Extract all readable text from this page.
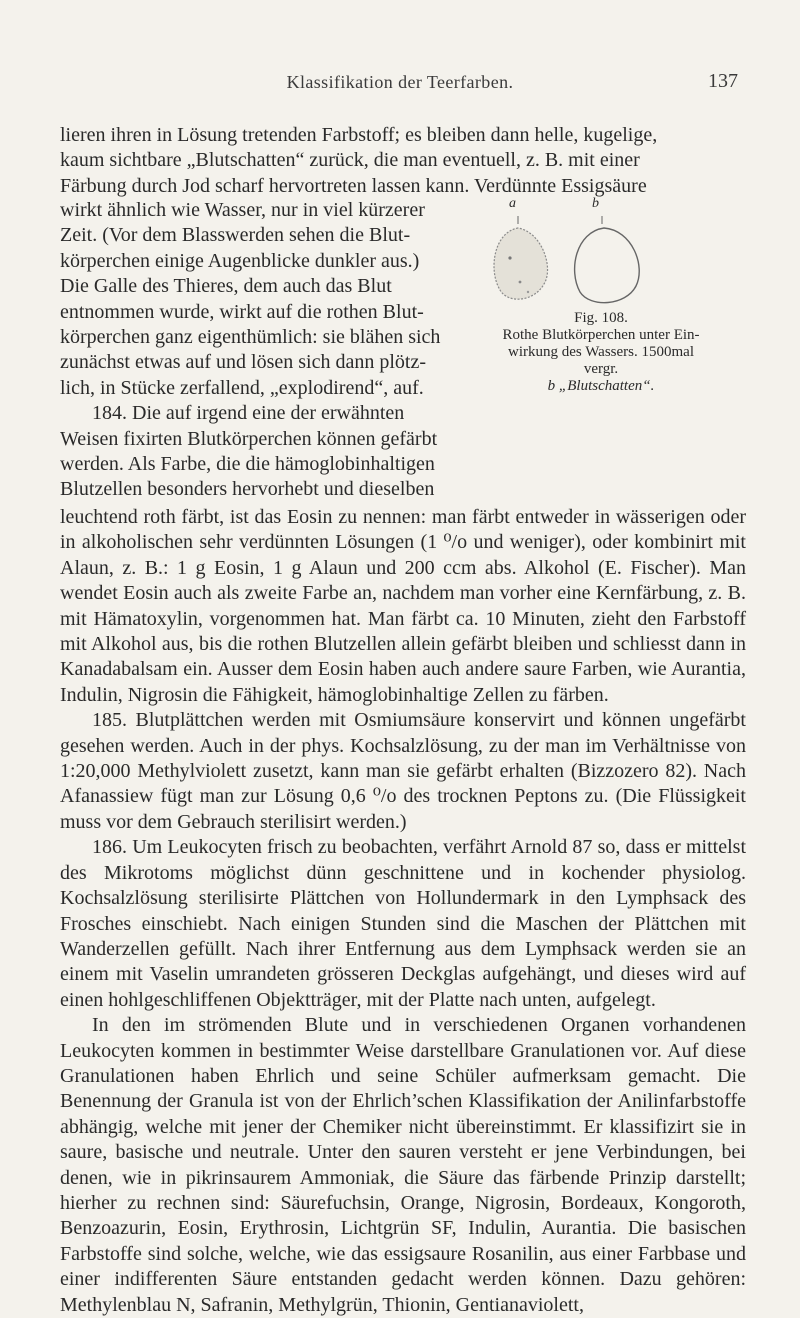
Klassifikation der Teerfarben.	137

lieren ihren in Lösung tretenden Farbstoff; es bleiben dann helle, kugelige,

kaum sichtbare „Blutschatten“ zurück, die man eventuell, z. B. mit einer

Färbung durch Jod scharf hervortreten lassen kann. Verdünnte Essigsäure

wirkt ähnlich wie Wasser, nur in viel kürzerer

Zeit. (Vor dem Blasswerden sehen die Blut-

körperchen einige Augenblicke dunkler aus.)

Die Galle des Thieres, dem auch das Blut

entnommen wurde, wirkt auf die rothen Blut-

körperchen ganz eigenthümlich: sie blähen sich

zunächst etwas auf und lösen sich dann plötz-

lich, in Stücke zerfallend, „explodirend“, auf.

184. Die auf irgend eine der erwähnten

Weisen fixirten Blutkörperchen können gefärbt

werden. Als Farbe, die die hämoglobinhaltigen

Blutzellen besonders hervorhebt und dieselben

a	b

Fig. 108.

Rothe Blutkörperchen unter Ein-

wirkung des Wassers. 1500mal

vergr.

b „Blutschatten“.

leuchtend roth färbt, ist das Eosin zu nennen: man färbt entweder in wässerigen oder in alkoholischen sehr verdünnten Lösungen (1 ⁰/o und weniger), oder kombinirt mit Alaun, z. B.: 1 g Eosin, 1 g Alaun und 200 ccm abs. Alkohol (E. Fischer). Man wendet Eosin auch als zweite Farbe an, nachdem man vorher eine Kernfärbung, z. B. mit Hämatoxylin, vorgenommen hat. Man färbt ca. 10 Minuten, zieht den Farbstoff mit Alkohol aus, bis die rothen Blutzellen allein gefärbt bleiben und schliesst dann in Kanadabalsam ein. Ausser dem Eosin haben auch andere saure Farben, wie Aurantia, Indulin, Nigrosin die Fähigkeit, hämoglobinhaltige Zellen zu färben.

185. Blutplättchen werden mit Osmiumsäure konservirt und können ungefärbt gesehen werden. Auch in der phys. Kochsalzlösung, zu der man im Verhältnisse von 1:20,000 Methylviolett zusetzt, kann man sie gefärbt erhalten (Bizzozero 82). Nach Afanassiew fügt man zur Lösung 0,6 ⁰/o des trocknen Peptons zu. (Die Flüssigkeit muss vor dem Gebrauch sterilisirt werden.)

186. Um Leukocyten frisch zu beobachten, verfährt Arnold 87 so, dass er mittelst des Mikrotoms möglichst dünn geschnittene und in kochender physiolog. Kochsalzlösung sterilisirte Plättchen von Hollundermark in den Lymphsack des Frosches einschiebt. Nach einigen Stunden sind die Maschen der Plättchen mit Wanderzellen gefüllt. Nach ihrer Entfernung aus dem Lymphsack werden sie an einem mit Vaselin umrandeten grösseren Deckglas aufgehängt, und dieses wird auf einen hohlgeschliffenen Objektträger, mit der Platte nach unten, aufgelegt.

In den im strömenden Blute und in verschiedenen Organen vorhandenen Leukocyten kommen in bestimmter Weise darstellbare Granulationen vor. Auf diese Granulationen haben Ehrlich und seine Schüler aufmerksam gemacht. Die Benennung der Granula ist von der Ehrlich’schen Klassifikation der Anilinfarbstoffe abhängig, welche mit jener der Chemiker nicht übereinstimmt. Er klassifizirt sie in saure, basische und neutrale. Unter den sauren versteht er jene Verbindungen, bei denen, wie in pikrinsaurem Ammoniak, die Säure das färbende Prinzip darstellt; hierher zu rechnen sind: Säurefuchsin, Orange, Nigrosin, Bordeaux, Kongoroth, Benzoazurin, Eosin, Erythrosin, Lichtgrün SF, Indulin, Aurantia. Die basischen Farbstoffe sind solche, welche, wie das essigsaure Rosanilin, aus einer Farbbase und einer indifferenten Säure entstanden gedacht werden können. Dazu gehören: Methylenblau N, Safranin, Methylgrün, Thionin, Gentianaviolett,
